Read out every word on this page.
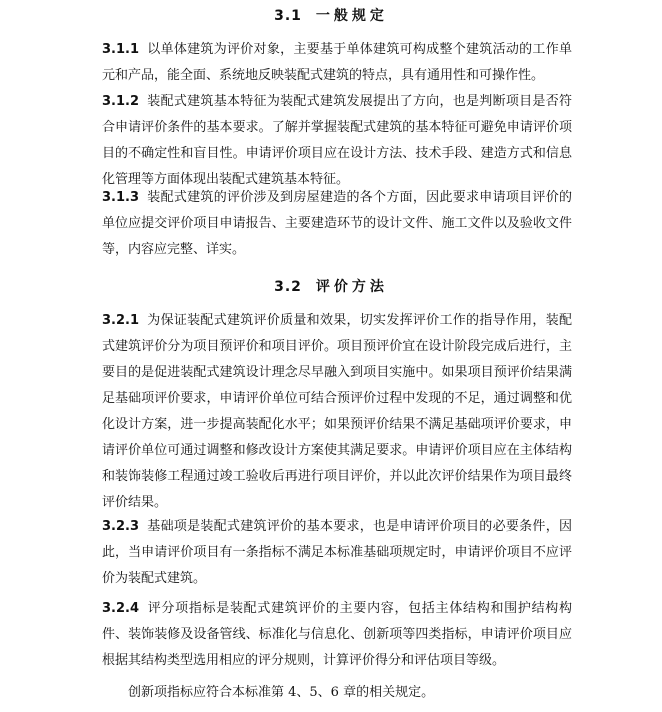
3.1 一般规定

3.1.1 以单体建筑为评价对象，主要基于单体建筑可构成整个建筑活动的工作单元和产品，能全面、系统地反映装配式建筑的特点，具有通用性和可操作性。

3.1.2 装配式建筑基本特征为装配式建筑发展提出了方向，也是判断项目是否符合申请评价条件的基本要求。了解并掌握装配式建筑的基本特征可避免申请评价项目的不确定性和盲目性。申请评价项目应在设计方法、技术手段、建造方式和信息化管理等方面体现出装配式建筑基本特征。

3.1.3 装配式建筑的评价涉及到房屋建造的各个方面，因此要求申请项目评价的单位应提交评价项目申请报告、主要建造环节的设计文件、施工文件以及验收文件等，内容应完整、详实。

3.2 评价方法

3.2.1 为保证装配式建筑评价质量和效果，切实发挥评价工作的指导作用，装配式建筑评价分为项目预评价和项目评价。项目预评价宜在设计阶段完成后进行，主要目的是促进装配式建筑设计理念尽早融入到项目实施中。如果项目预评价结果满足基础项评价要求，申请评价单位可结合预评价过程中发现的不足，通过调整和优化设计方案，进一步提高装配化水平；如果预评价结果不满足基础项评价要求，申请评价单位可通过调整和修改设计方案使其满足要求。申请评价项目应在主体结构和装饰装修工程通过竣工验收后再进行项目评价，并以此次评价结果作为项目最终评价结果。

3.2.3 基础项是装配式建筑评价的基本要求，也是申请评价项目的必要条件，因此，当申请评价项目有一条指标不满足本标准基础项规定时，申请评价项目不应评价为装配式建筑。

3.2.4 评分项指标是装配式建筑评价的主要内容，包括主体结构和围护结构构件、装饰装修及设备管线、标准化与信息化、创新项等四类指标，申请评价项目应根据其结构类型选用相应的评分规则，计算评价得分和评估项目等级。

创新项指标应符合本标准第 4、5、6 章的相关规定。
